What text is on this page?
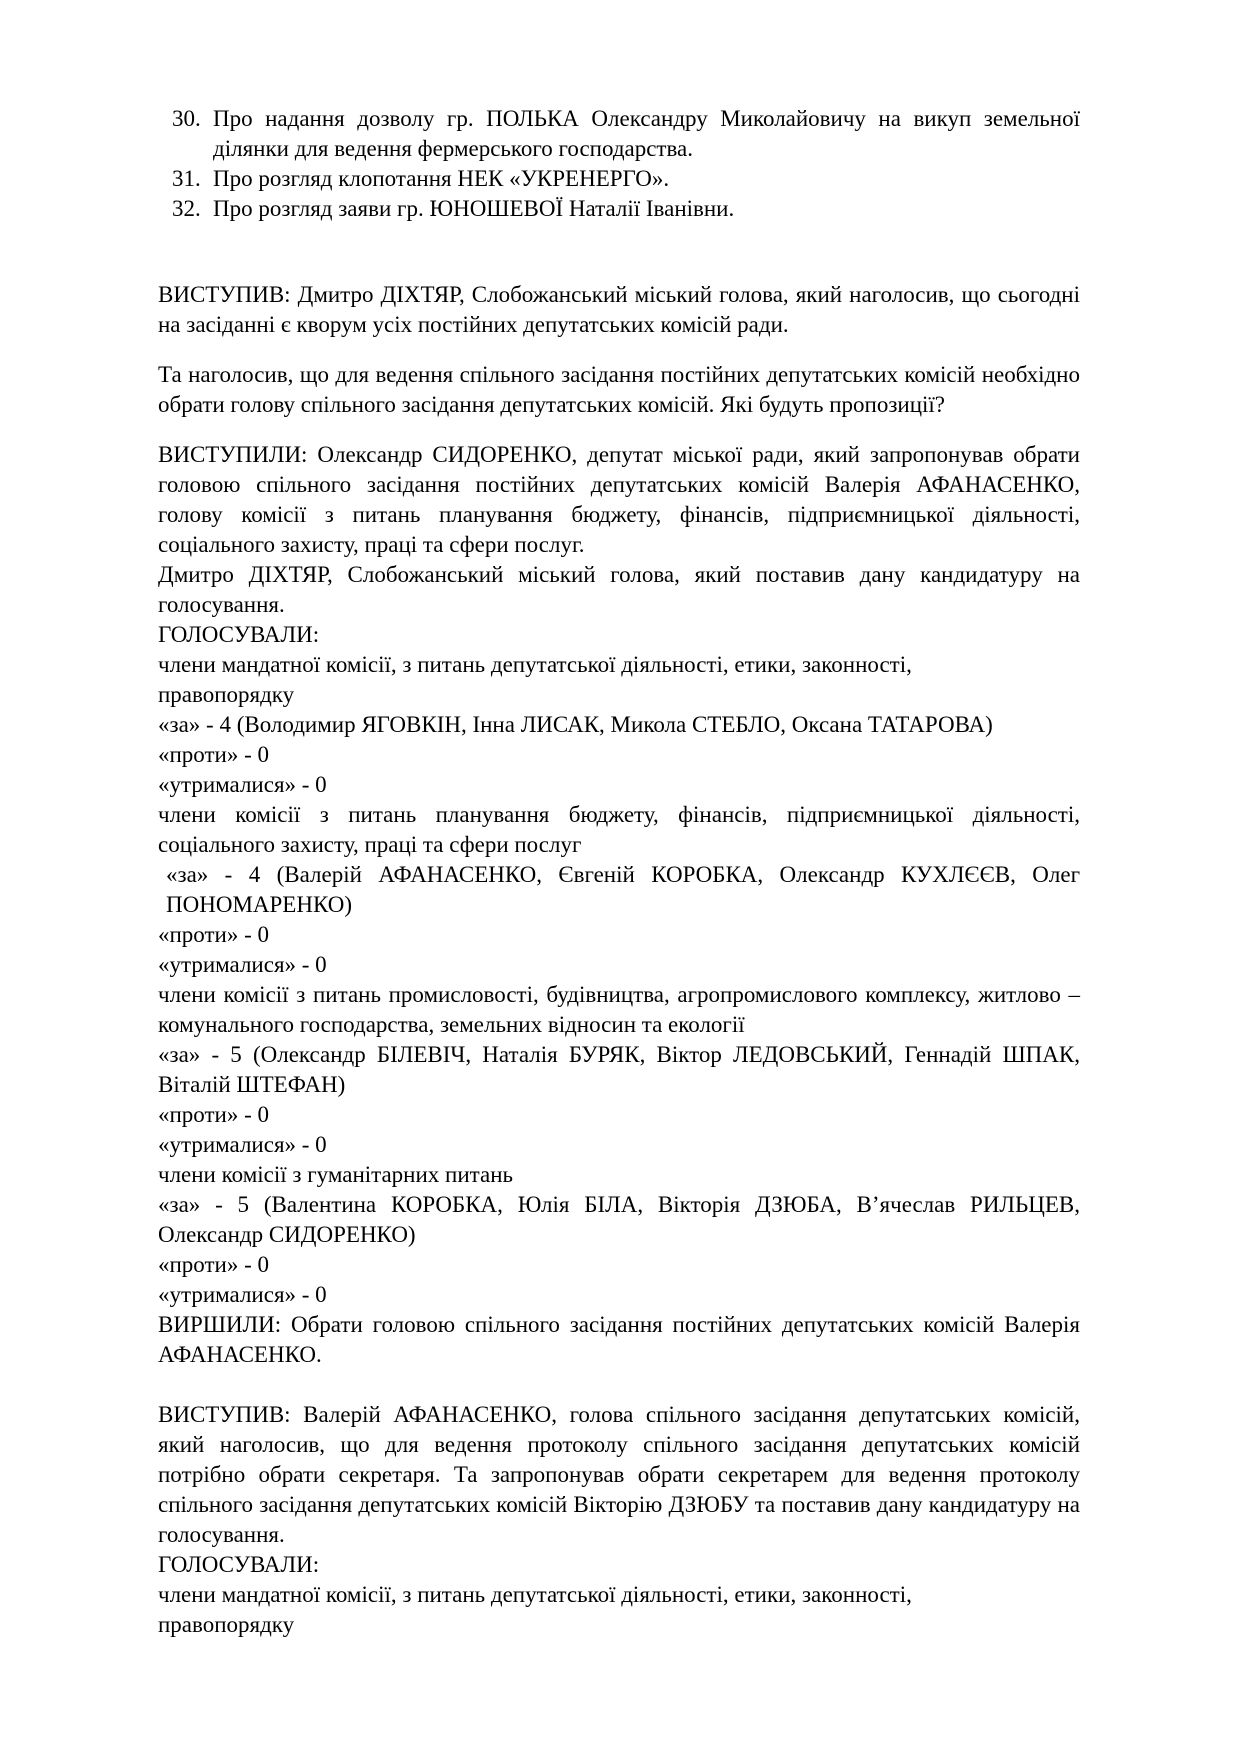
30. Про надання дозволу гр. ПОЛЬКА Олександру Миколайовичу на викуп земельної ділянки для ведення фермерського господарства.
31. Про розгляд клопотання НЕК «УКРЕНЕРГО».
32. Про розгляд заяви гр. ЮНОШЕВОЇ Наталії Іванівни.

ВИСТУПИВ: Дмитро ДІХТЯР, Слобожанський міський голова, який наголосив, що сьогодні на засіданні є кворум усіх постійних депутатських комісій ради.

Та наголосив, що для ведення спільного засідання постійних депутатських комісій необхідно обрати голову спільного засідання депутатських комісій. Які будуть пропозиції?

ВИСТУПИЛИ: Олександр СИДОРЕНКО, депутат міської ради, який запропонував обрати головою спільного засідання постійних депутатських комісій Валерія АФАНАСЕНКО, голову комісії з питань планування бюджету, фінансів, підприємницької діяльності, соціального захисту, праці та сфери послуг.

Дмитро ДІХТЯР, Слобожанський міський голова, який поставив дану кандидатуру на голосування.

ГОЛОСУВАЛИ:

члени мандатної комісії, з питань депутатської діяльності, етики, законності,

правопорядку

«за» - 4 (Володимир ЯГОВКІН, Інна ЛИСАК, Микола СТЕБЛО, Оксана ТАТАРОВА)

«проти» - 0

«утрималися» - 0

члени комісії з питань планування бюджету, фінансів, підприємницької діяльності, соціального захисту, праці та сфери послуг

«за» - 4 (Валерій АФАНАСЕНКО, Євгеній КОРОБКА, Олександр КУХЛЄЄВ, Олег ПОНОМАРЕНКО)

«проти» - 0

«утрималися» - 0

члени комісії з питань промисловості, будівництва, агропромислового комплексу, житлово – комунального господарства, земельних відносин та екології

«за» - 5 (Олександр БІЛЕВІЧ, Наталія БУРЯК, Віктор ЛЕДОВСЬКИЙ, Геннадій ШПАК, Віталій ШТЕФАН)

«проти» - 0

«утрималися» - 0

члени комісії з гуманітарних питань

«за» - 5 (Валентина КОРОБКА, Юлія БІЛА, Вікторія ДЗЮБА, В’ячеслав РИЛЬЦЕВ, Олександр СИДОРЕНКО)

«проти» - 0

«утрималися» - 0

ВИРШИЛИ: Обрати головою спільного засідання постійних депутатських комісій Валерія АФАНАСЕНКО.

ВИСТУПИВ: Валерій АФАНАСЕНКО, голова спільного засідання депутатських комісій, який наголосив, що для ведення протоколу спільного засідання депутатських комісій потрібно обрати секретаря. Та запропонував обрати секретарем для ведення протоколу спільного засідання депутатських комісій Вікторію ДЗЮБУ та поставив дану кандидатуру на голосування.

ГОЛОСУВАЛИ:

члени мандатної комісії, з питань депутатської діяльності, етики, законності,

правопорядку
